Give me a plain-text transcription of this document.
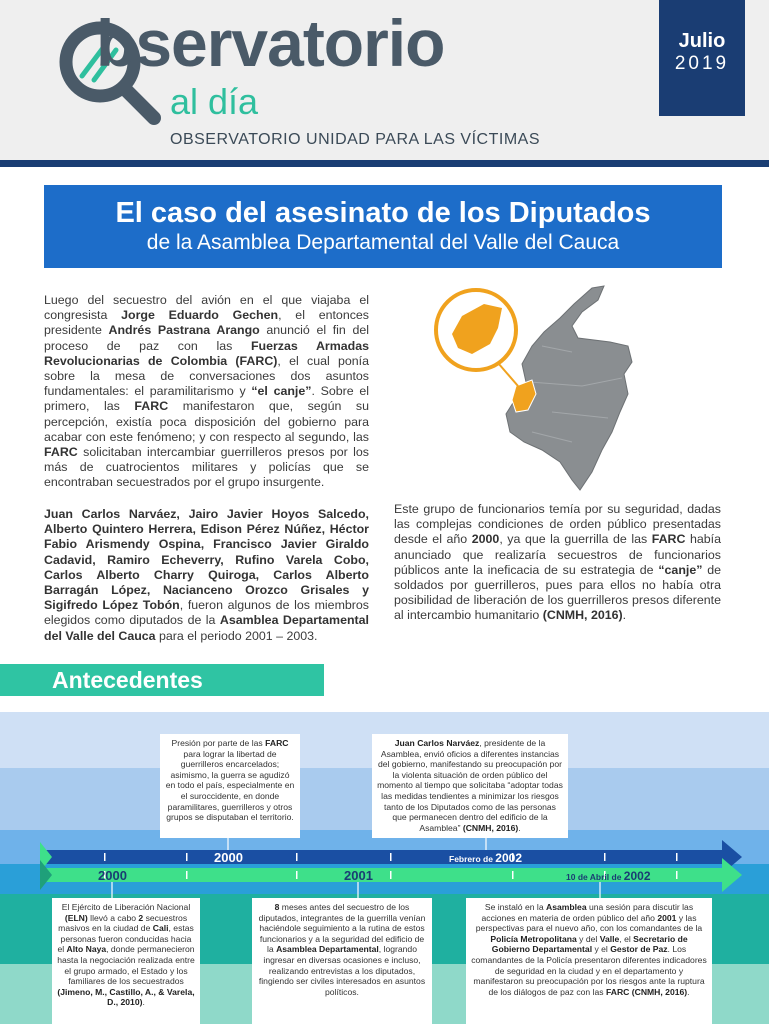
bservatorio
al día
OBSERVATORIO UNIDAD PARA LAS VÍCTIMAS
Julio
2019
El caso del asesinato de los Diputados
de la Asamblea Departamental del Valle del Cauca
Luego del secuestro del avión en el que viajaba el congresista Jorge Eduardo Gechen, el entonces presidente Andrés Pastrana Arango anunció el fin del proceso de paz con las Fuerzas Armadas Revolucionarias de Colombia (FARC), el cual ponía sobre la mesa de conversaciones dos asuntos fundamentales: el paramilitarismo y “el canje”. Sobre el primero, las FARC manifestaron que, según su percepción, existía poca disposición del gobierno para acabar con este fenómeno; y con respecto al segundo, las FARC solicitaban intercambiar guerrilleros presos por los más de cuatrocientos militares y policías que se encontraban secuestrados por el grupo insurgente.
Juan Carlos Narváez, Jairo Javier Hoyos Salcedo, Alberto Quintero Herrera, Edison Pérez Núñez, Héctor Fabio Arismendy Ospina, Francisco Javier Giraldo Cadavid, Ramiro Echeverry, Rufino Varela Cobo, Carlos Alberto Charry Quiroga, Carlos Alberto Barragán López, Nacianceno Orozco Grisales y Sigifredo López Tobón, fueron algunos de los miembros elegidos como diputados de la Asamblea Departamental del Valle del Cauca para el periodo 2001 – 2003.
Este grupo de funcionarios temía por su seguridad, dadas las complejas condiciones de orden público presentadas desde el año 2000, ya que la guerrilla de las FARC había anunciado que realizaría secuestros de funcionarios públicos ante la ineficacia de su estrategia de “canje” de soldados por guerrilleros, pues para ellos no había otra posibilidad de liberación de los guerrilleros presos diferente al intercambio humanitario (CNMH, 2016).
Antecedentes
2000	Febrero de 2002
2000	2001	10 de Abril de 2002
Presión por parte de las FARC para lograr la libertad de guerrilleros encarcelados; asimismo, la guerra se agudizó en todo el país, especialmente en el suroccidente, en donde paramilitares, guerrilleros y otros grupos se disputaban el territorio.
Juan Carlos Narváez, presidente de la Asamblea, envió oficios a diferentes instancias del gobierno, manifestando su preocupación por la violenta situación de orden público del momento al tiempo que solicitaba “adoptar todas las medidas tendientes a minimizar los riesgos tanto de los Diputados como de las personas que permanecen dentro del edificio de la Asamblea” (CNMH, 2016).
El Ejército de Liberación Nacional (ELN) llevó a cabo 2 secuestros masivos en la ciudad de Cali, estas personas fueron conducidas hacia el Alto Naya, donde permanecieron hasta la negociación realizada entre el grupo armado, el Estado y los familiares de los secuestrados (Jimeno, M., Castillo, A., & Varela, D., 2010).
8 meses antes del secuestro de los diputados, integrantes de la guerrilla venían haciéndole seguimiento a la rutina de estos funcionarios y a la seguridad del edificio de la Asamblea Departamental, logrando ingresar en diversas ocasiones e incluso, realizando entrevistas a los diputados, fingiendo ser civiles interesados en asuntos políticos.
Se instaló en la Asamblea una sesión para discutir las acciones en materia de orden público del año 2001 y las perspectivas para el nuevo año, con los comandantes de la Policía Metropolitana y del Valle, el Secretario de Gobierno Departamental y el Gestor de Paz. Los comandantes de la Policía presentaron diferentes indicadores de seguridad en la ciudad y en el departamento y manifestaron su preocupación por los riesgos ante la ruptura de los diálogos de paz con las FARC (CNMH, 2016).
